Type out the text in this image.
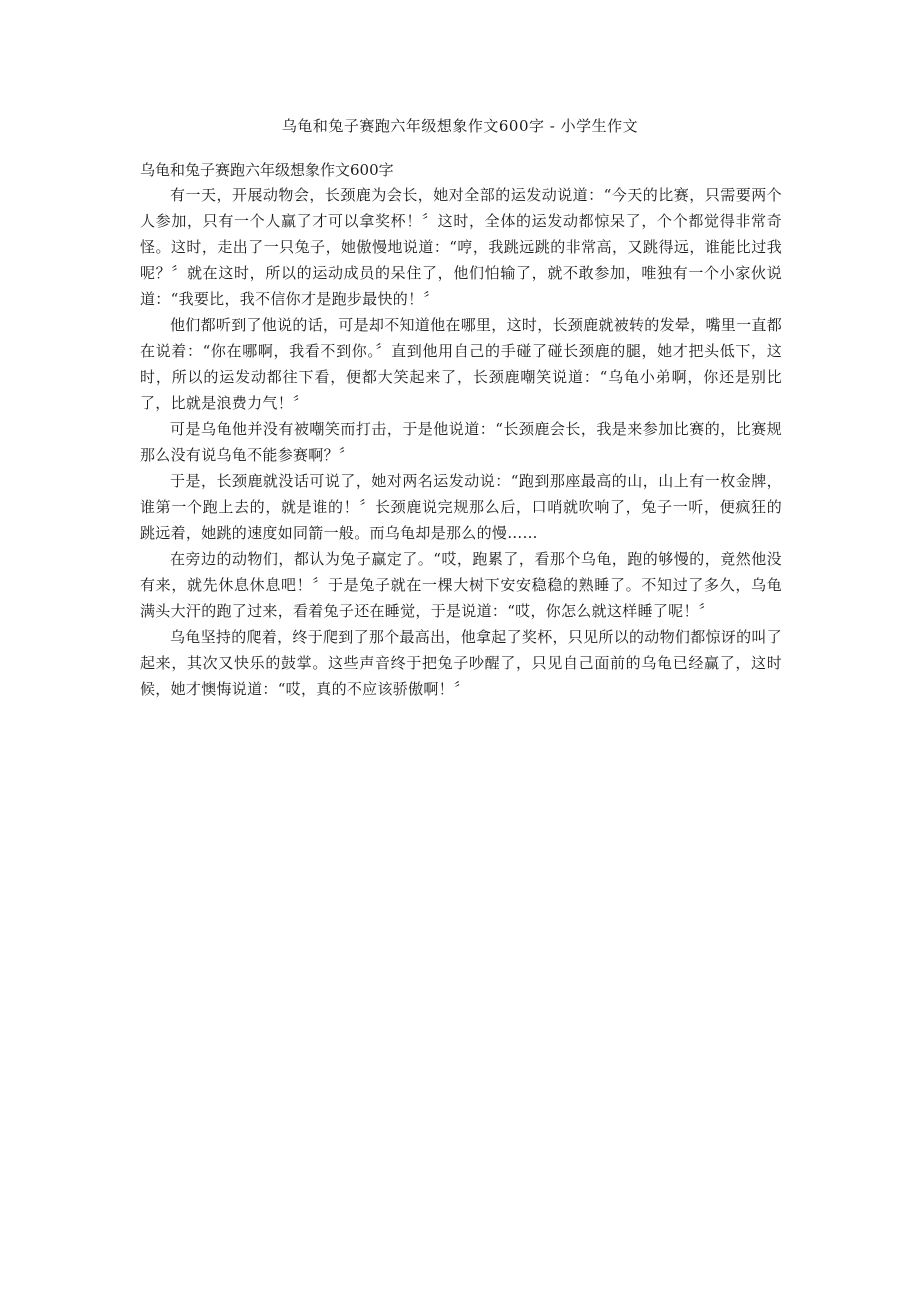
乌龟和兔子赛跑六年级想象作文600字 - 小学生作文

乌龟和兔子赛跑六年级想象作文600字

有一天，开展动物会，长颈鹿为会长，她对全部的运发动说道：“今天的比赛，只需要两个人参加，只有一个人赢了才可以拿奖杯！〞这时，全体的运发动都惊呆了，个个都觉得非常奇怪。这时，走出了一只兔子，她傲慢地说道：“哼，我跳远跳的非常高，又跳得远，谁能比过我呢？〞就在这时，所以的运动成员的呆住了，他们怕输了，就不敢参加，唯独有一个小家伙说道：“我要比，我不信你才是跑步最快的！〞

他们都听到了他说的话，可是却不知道他在哪里，这时，长颈鹿就被转的发晕，嘴里一直都在说着：“你在哪啊，我看不到你。〞直到他用自己的手碰了碰长颈鹿的腿，她才把头低下，这时，所以的运发动都往下看，便都大笑起来了，长颈鹿嘲笑说道：“乌龟小弟啊，你还是别比了，比就是浪费力气！〞

可是乌龟他并没有被嘲笑而打击，于是他说道：“长颈鹿会长，我是来参加比赛的，比赛规那么没有说乌龟不能参赛啊？〞

于是，长颈鹿就没话可说了，她对两名运发动说：“跑到那座最高的山，山上有一枚金牌，谁第一个跑上去的，就是谁的！〞长颈鹿说完规那么后，口哨就吹响了，兔子一听，便疯狂的跳远着，她跳的速度如同箭一般。而乌龟却是那么的慢……

在旁边的动物们，都认为兔子赢定了。“哎，跑累了，看那个乌龟，跑的够慢的，竟然他没有来，就先休息休息吧！〞于是兔子就在一棵大树下安安稳稳的熟睡了。不知过了多久，乌龟满头大汗的跑了过来，看着兔子还在睡觉，于是说道：“哎，你怎么就这样睡了呢！〞

乌龟坚持的爬着，终于爬到了那个最高出，他拿起了奖杯，只见所以的动物们都惊讶的叫了起来，其次又快乐的鼓掌。这些声音终于把兔子吵醒了，只见自己面前的乌龟已经赢了，这时候，她才懊悔说道：“哎，真的不应该骄傲啊！〞
